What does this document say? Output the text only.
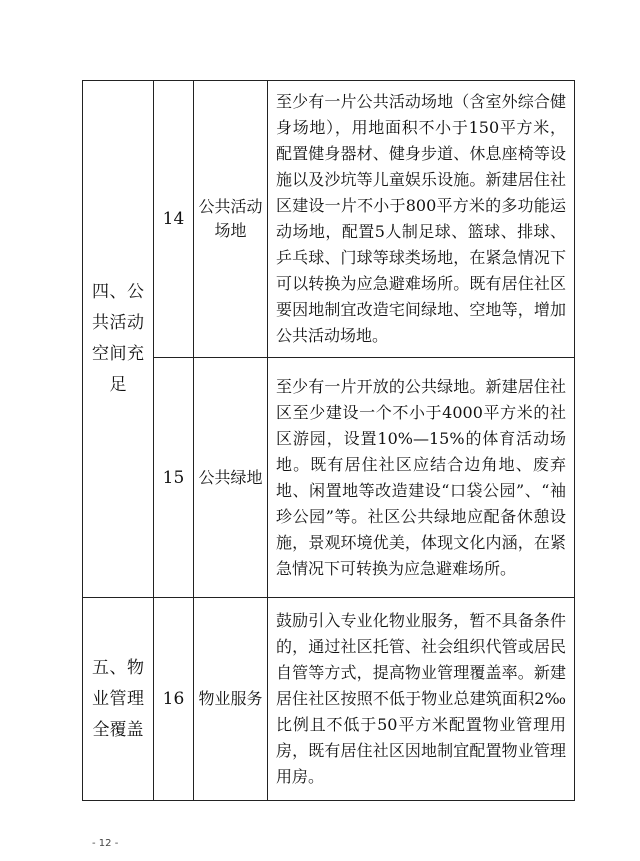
四、公共活动空间充足	14	公共活动场地	至少有一片公共活动场地（含室外综合健身场地），用地面积不小于150平方米，配置健身器材、健身步道、休息座椅等设施以及沙坑等儿童娱乐设施。新建居住社区建设一片不小于800平方米的多功能运动场地，配置5人制足球、篮球、排球、乒乓球、门球等球类场地，在紧急情况下可以转换为应急避难场所。既有居住社区要因地制宜改造宅间绿地、空地等，增加公共活动场地。

	15	公共绿地	至少有一片开放的公共绿地。新建居住社区至少建设一个不小于4000平方米的社区游园，设置10%—15%的体育活动场地。既有居住社区应结合边角地、废弃地、闲置地等改造建设“口袋公园”、“袖珍公园”等。社区公共绿地应配备休憩设施，景观环境优美，体现文化内涵，在紧急情况下可转换为应急避难场所。

五、物业管理全覆盖	16	物业服务	鼓励引入专业化物业服务，暂不具备条件的，通过社区托管、社会组织代管或居民自管等方式，提高物业管理覆盖率。新建居住社区按照不低于物业总建筑面积2‰比例且不低于50平方米配置物业管理用房，既有居住社区因地制宜配置物业管理用房。

- 12 -
